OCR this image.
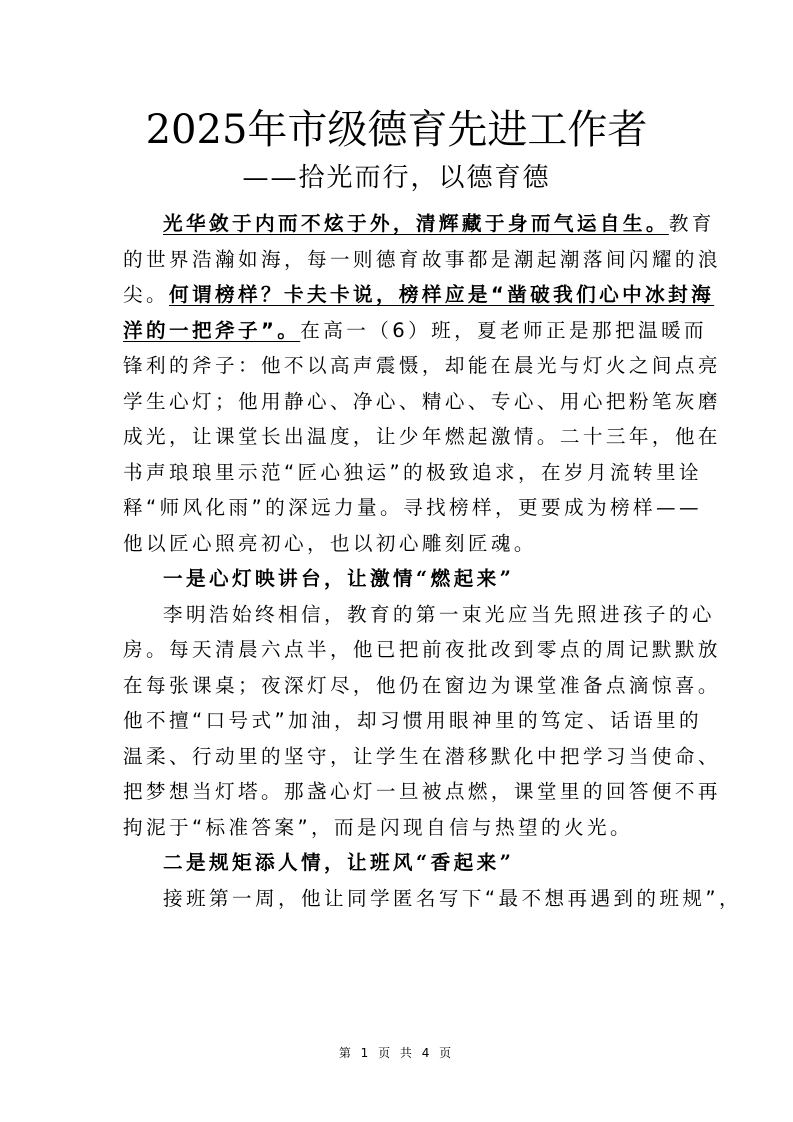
2025年市级德育先进工作者
——拾光而行，以德育德
光华敛于内而不炫于外，清辉藏于身而气运自生。教育
的世界浩瀚如海，每一则德育故事都是潮起潮落间闪耀的浪
尖。何谓榜样？卡夫卡说，榜样应是“凿破我们心中冰封海
洋的一把斧子”。在高一（6）班，夏老师正是那把温暖而
锋利的斧子：他不以高声震慑，却能在晨光与灯火之间点亮
学生心灯；他用静心、净心、精心、专心、用心把粉笔灰磨
成光，让课堂长出温度，让少年燃起激情。二十三年，他在
书声琅琅里示范“匠心独运”的极致追求，在岁月流转里诠
释“师风化雨”的深远力量。寻找榜样，更要成为榜样——
他以匠心照亮初心，也以初心雕刻匠魂。
一是心灯映讲台，让激情“燃起来”
李明浩始终相信，教育的第一束光应当先照进孩子的心
房。每天清晨六点半，他已把前夜批改到零点的周记默默放
在每张课桌；夜深灯尽，他仍在窗边为课堂准备点滴惊喜。
他不擅“口号式”加油，却习惯用眼神里的笃定、话语里的
温柔、行动里的坚守，让学生在潜移默化中把学习当使命、
把梦想当灯塔。那盏心灯一旦被点燃，课堂里的回答便不再
拘泥于“标准答案”，而是闪现自信与热望的火光。
二是规矩添人情，让班风“香起来”
接班第一周，他让同学匿名写下“最不想再遇到的班规”，
第 1 页 共 4 页
